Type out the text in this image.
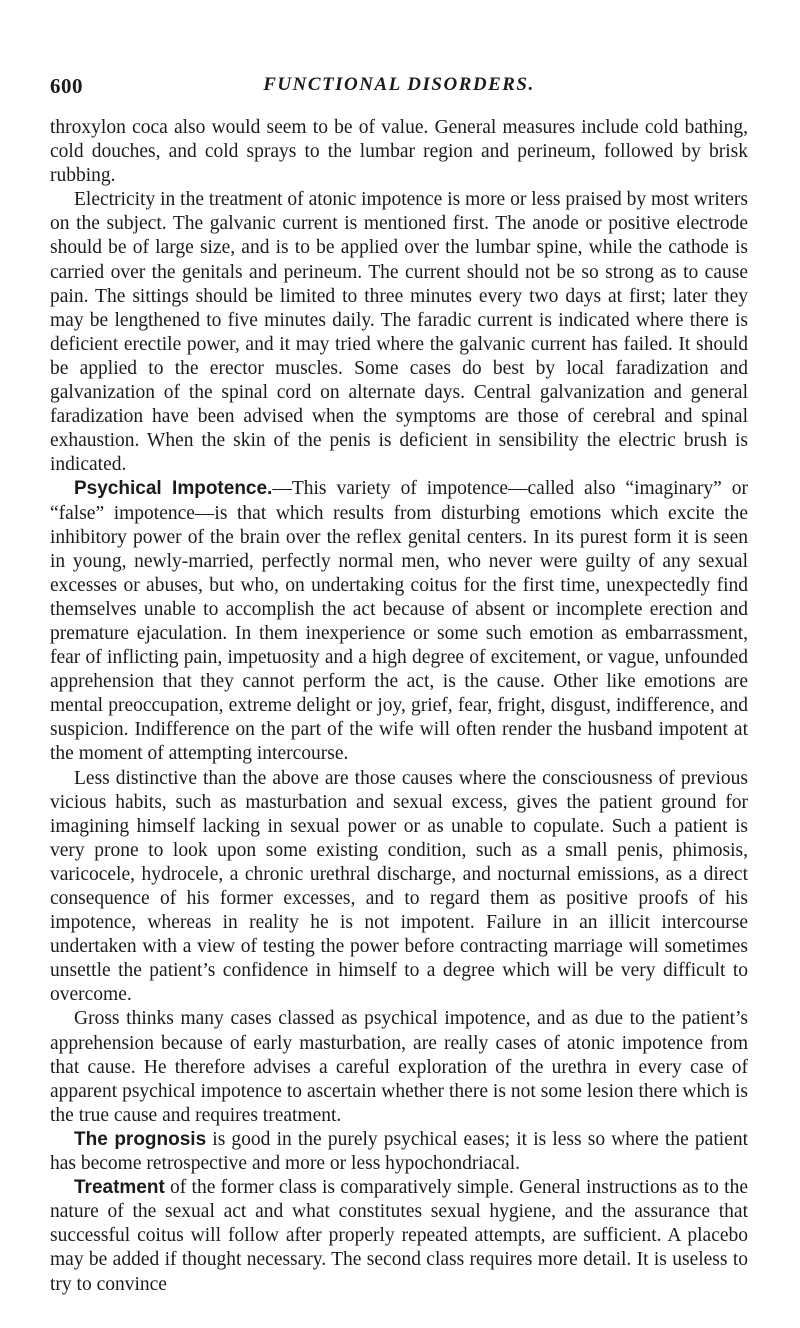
600	FUNCTIONAL DISORDERS.

throxylon coca also would seem to be of value. General measures include cold bathing, cold douches, and cold sprays to the lumbar region and perineum, followed by brisk rubbing.

Electricity in the treatment of atonic impotence is more or less praised by most writers on the subject. The galvanic current is mentioned first. The anode or positive electrode should be of large size, and is to be applied over the lumbar spine, while the cathode is carried over the genitals and perineum. The current should not be so strong as to cause pain. The sittings should be limited to three minutes every two days at first; later they may be lengthened to five minutes daily. The faradic current is indicated where there is deficient erectile power, and it may tried where the galvanic current has failed. It should be applied to the erector muscles. Some cases do best by local faradization and galvanization of the spinal cord on alternate days. Central galvanization and general faradization have been advised when the symptoms are those of cerebral and spinal exhaustion. When the skin of the penis is deficient in sensibility the electric brush is indicated.

Psychical Impotence.—This variety of impotence—called also “imaginary” or “false” impotence—is that which results from disturbing emotions which excite the inhibitory power of the brain over the reflex genital centers. In its purest form it is seen in young, newly-married, perfectly normal men, who never were guilty of any sexual excesses or abuses, but who, on undertaking coitus for the first time, unexpectedly find themselves unable to accomplish the act because of absent or incomplete erection and premature ejaculation. In them inexperience or some such emotion as embarrassment, fear of inflicting pain, impetuosity and a high degree of excitement, or vague, unfounded apprehension that they cannot perform the act, is the cause. Other like emotions are mental preoccupation, extreme delight or joy, grief, fear, fright, disgust, indifference, and suspicion. Indifference on the part of the wife will often render the husband impotent at the moment of attempting intercourse.

Less distinctive than the above are those causes where the consciousness of previous vicious habits, such as masturbation and sexual excess, gives the patient ground for imagining himself lacking in sexual power or as unable to copulate. Such a patient is very prone to look upon some existing condition, such as a small penis, phimosis, varicocele, hydrocele, a chronic urethral discharge, and nocturnal emissions, as a direct consequence of his former excesses, and to regard them as positive proofs of his impotence, whereas in reality he is not impotent. Failure in an illicit intercourse undertaken with a view of testing the power before contracting marriage will sometimes unsettle the patient’s confidence in himself to a degree which will be very difficult to overcome.

Gross thinks many cases classed as psychical impotence, and as due to the patient’s apprehension because of early masturbation, are really cases of atonic impotence from that cause. He therefore advises a careful exploration of the urethra in every case of apparent psychical impotence to ascertain whether there is not some lesion there which is the true cause and requires treatment.

The prognosis is good in the purely psychical eases; it is less so where the patient has become retrospective and more or less hypochondriacal.

Treatment of the former class is comparatively simple. General instructions as to the nature of the sexual act and what constitutes sexual hygiene, and the assurance that successful coitus will follow after properly repeated attempts, are sufficient. A placebo may be added if thought necessary. The second class requires more detail. It is useless to try to convince
